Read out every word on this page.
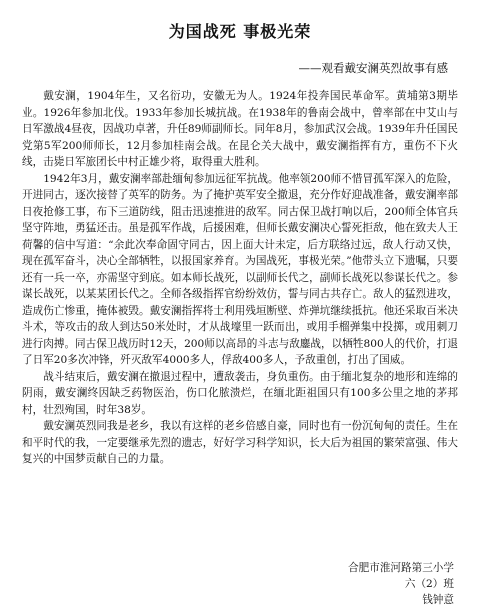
为国战死 事极光荣
——观看戴安澜英烈故事有感

戴安澜，1904年生，又名衍功，安徽无为人。1924年投奔国民革命军。黄埔第3期毕业。1926年参加北伐。1933年参加长城抗战。在1938年的鲁南会战中，曾率部在中艾山与日军激战4昼夜，因战功卓著，升任89师副师长。同年8月，参加武汉会战。1939年升任国民党第5军200师师长，12月参加桂南会战。在昆仑关大战中，戴安澜指挥有方，重伤不下火线，击毙日军旅团长中村正雄少将，取得重大胜利。

1942年3月，戴安澜率部赴缅甸参加远征军抗战。他率领200师不惜冒孤军深入的危险，开进同古，逐次接替了英军的防务。为了掩护英军安全撤退，充分作好迎战准备，戴安澜率部日夜抢修工事，布下三道防线，阻击迅速推进的敌军。同古保卫战打响以后，200师全体官兵坚守阵地，勇猛还击。虽是孤军作战，后援困难，但师长戴安澜决心誓死拒敌，他在致夫人王荷馨的信中写道：“余此次奉命固守同古，因上面大计未定，后方联络过远，敌人行动又快，现在孤军奋斗，决心全部牺牲，以报国家养育。为国战死，事极光荣。”他带头立下遗嘱，只要还有一兵一卒，亦需坚守到底。如本师长战死，以副师长代之，副师长战死以参谋长代之。参谋长战死，以某某团长代之。全师各级指挥官纷纷效仿，誓与同古共存亡。敌人的猛烈进攻，造成伤亡惨重，掩体被毁。戴安澜指挥将士利用残垣断壁、炸弹坑继续抵抗。他还采取百米决斗术，等攻击的敌人到达50米处时，才从战壕里一跃而出，或用手榴弹集中投掷，或用刺刀进行肉搏。同古保卫战历时12天，200师以高昂的斗志与敌鏖战，以牺牲800人的代价，打退了日军20多次冲锋，歼灭敌军4000多人，俘敌400多人，予敌重创，打出了国威。

战斗结束后，戴安澜在撤退过程中，遭敌袭击，身负重伤。由于缅北复杂的地形和连绵的阴雨，戴安澜终因缺乏药物医治，伤口化脓溃烂，在缅北距祖国只有100多公里之地的茅邦村，壮烈殉国，时年38岁。

戴安澜英烈同我是老乡，我以有这样的老乡倍感自豪，同时也有一份沉甸甸的责任。生在和平时代的我，一定要继承先烈的遗志，好好学习科学知识，长大后为祖国的繁荣富强、伟大复兴的中国梦贡献自己的力量。

合肥市淮河路第三小学
六（2）班
钱钟意
